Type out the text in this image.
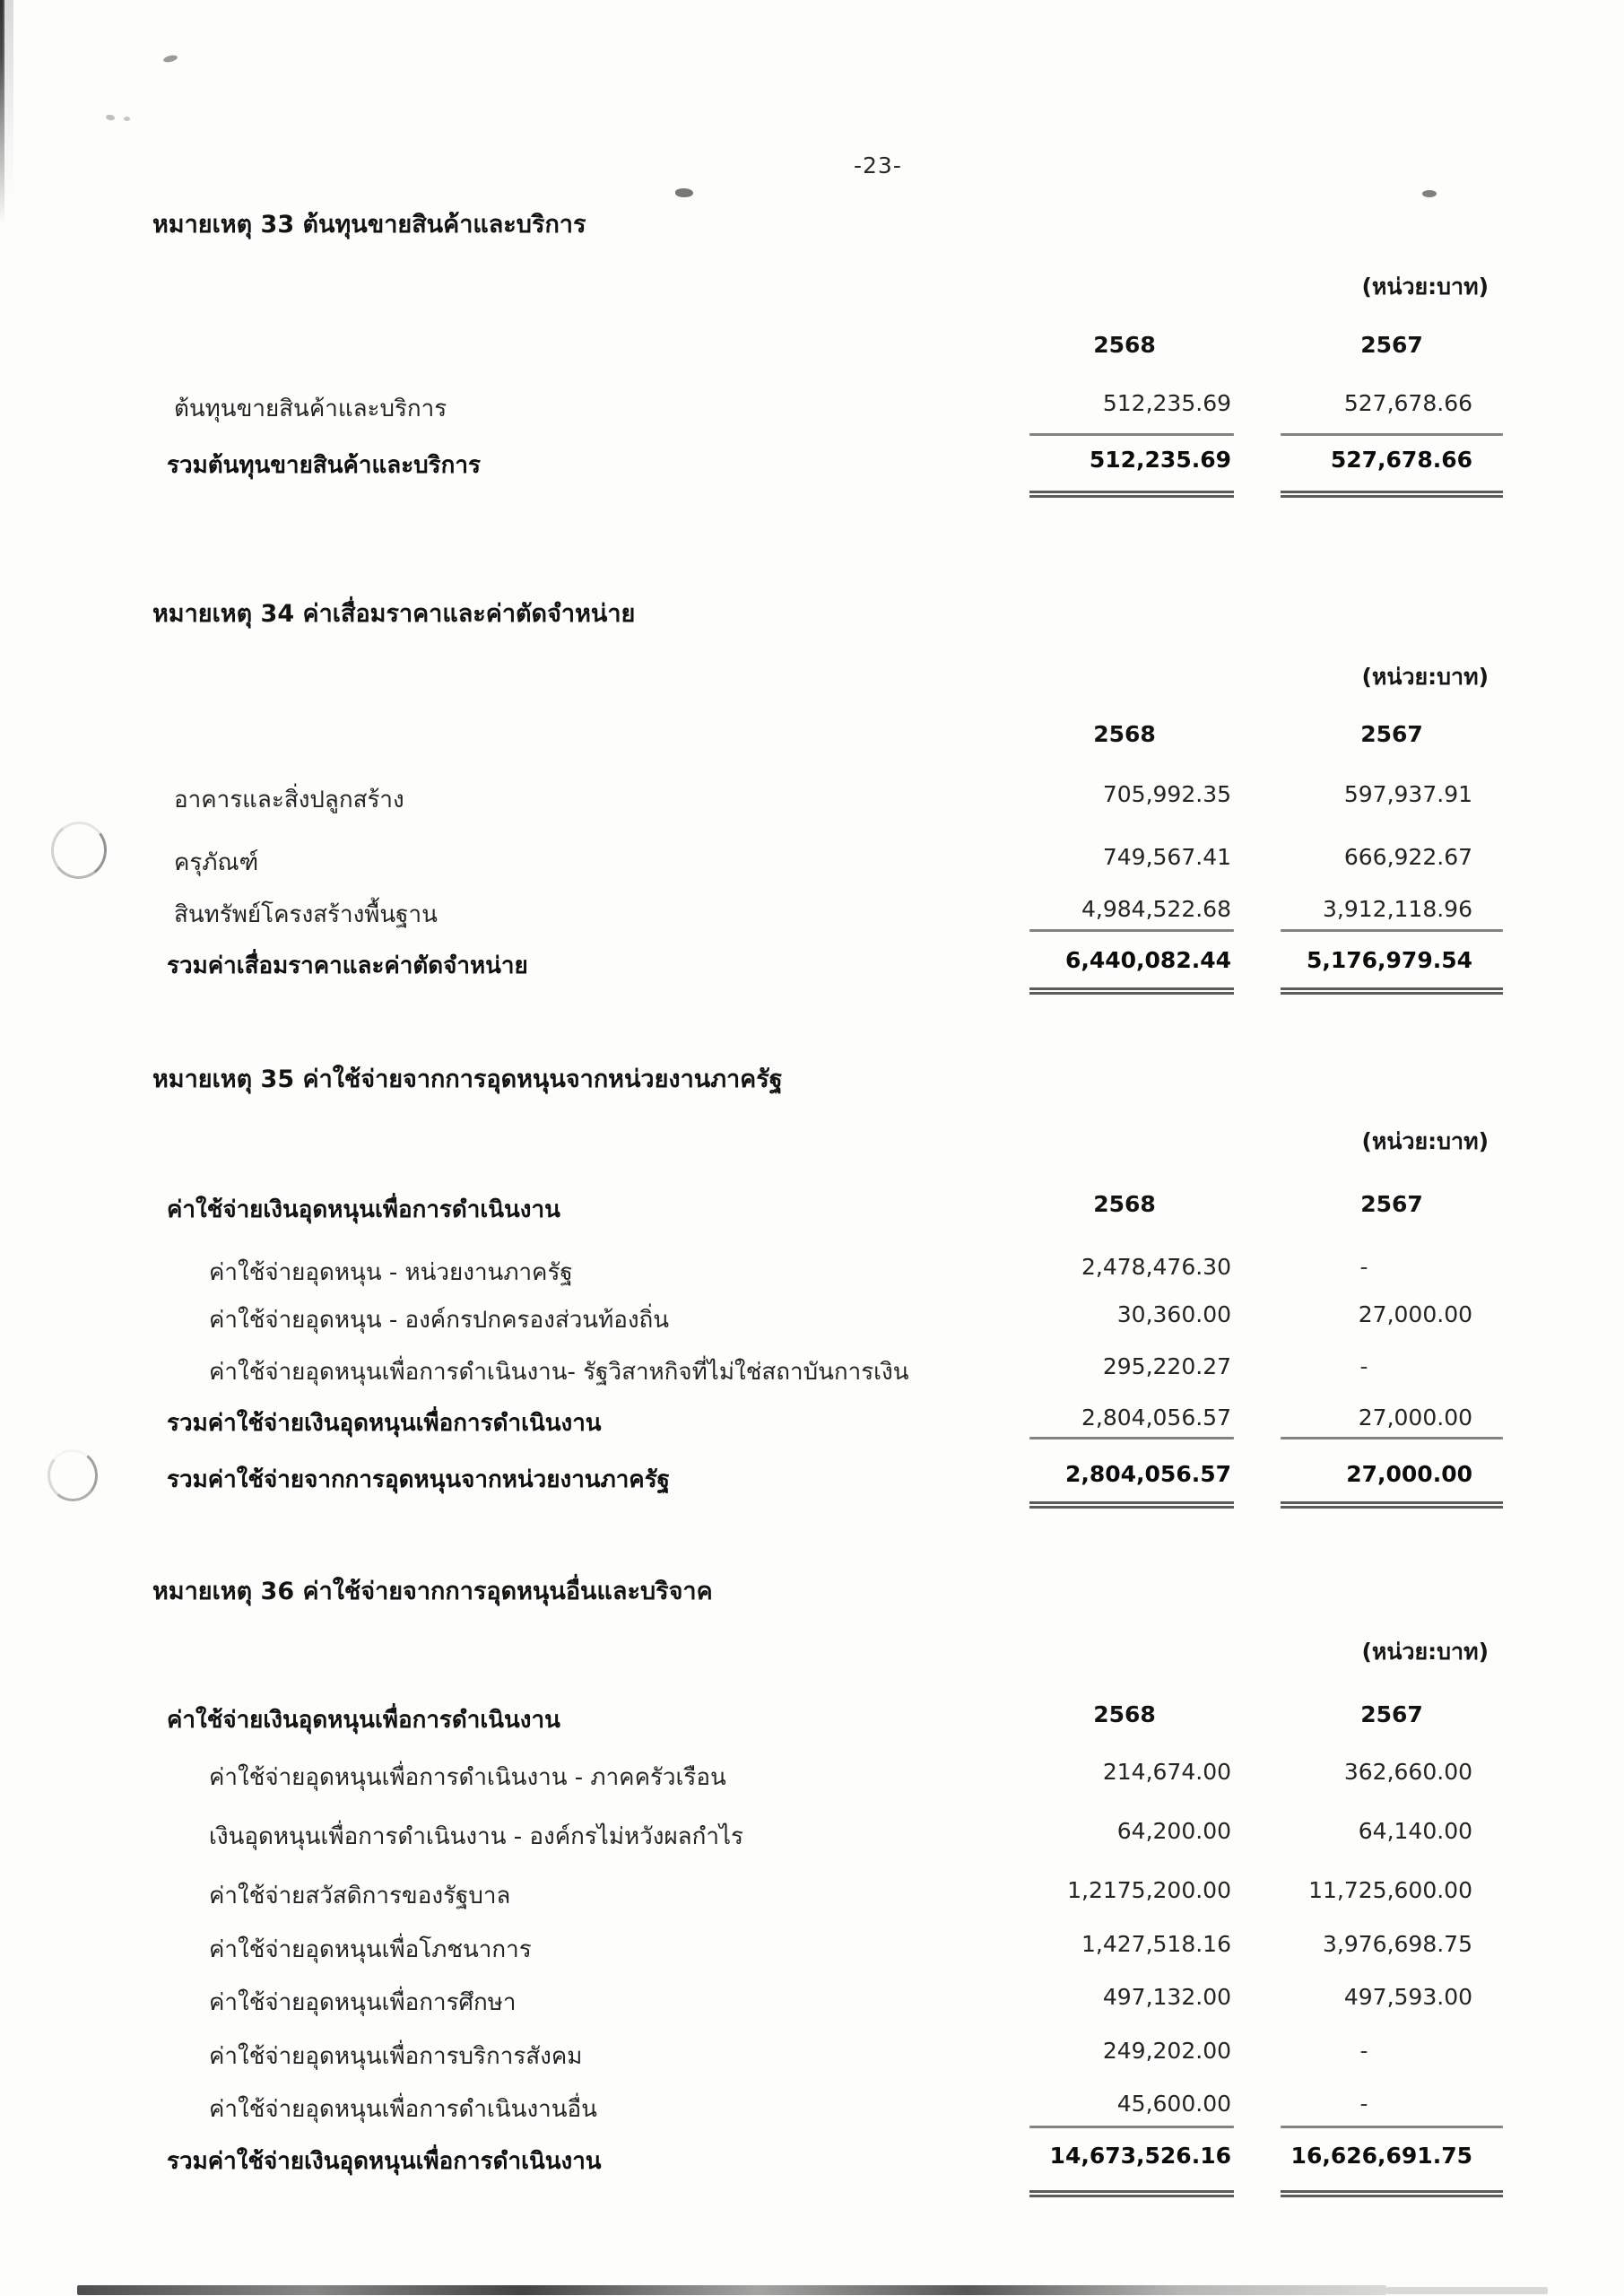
-23-
หมายเหตุ 33 ต้นทุนขายสินค้าและบริการ
(หน่วย:บาท)
2568	2567
ต้นทุนขายสินค้าและบริการ	512,235.69	527,678.66
รวมต้นทุนขายสินค้าและบริการ	512,235.69	527,678.66
หมายเหตุ 34 ค่าเสื่อมราคาและค่าตัดจำหน่าย
(หน่วย:บาท)
2568	2567
อาคารและสิ่งปลูกสร้าง	705,992.35	597,937.91
ครุภัณฑ์	749,567.41	666,922.67
สินทรัพย์โครงสร้างพื้นฐาน	4,984,522.68	3,912,118.96
รวมค่าเสื่อมราคาและค่าตัดจำหน่าย	6,440,082.44	5,176,979.54
หมายเหตุ 35 ค่าใช้จ่ายจากการอุดหนุนจากหน่วยงานภาครัฐ
(หน่วย:บาท)
ค่าใช้จ่ายเงินอุดหนุนเพื่อการดำเนินงาน	2568	2567
ค่าใช้จ่ายอุดหนุน - หน่วยงานภาครัฐ	2,478,476.30	-
ค่าใช้จ่ายอุดหนุน - องค์กรปกครองส่วนท้องถิ่น	30,360.00	27,000.00
ค่าใช้จ่ายอุดหนุนเพื่อการดำเนินงาน- รัฐวิสาหกิจที่ไม่ใช่สถาบันการเงิน	295,220.27	-
รวมค่าใช้จ่ายเงินอุดหนุนเพื่อการดำเนินงาน	2,804,056.57	27,000.00
รวมค่าใช้จ่ายจากการอุดหนุนจากหน่วยงานภาครัฐ	2,804,056.57	27,000.00
หมายเหตุ 36 ค่าใช้จ่ายจากการอุดหนุนอื่นและบริจาค
(หน่วย:บาท)
ค่าใช้จ่ายเงินอุดหนุนเพื่อการดำเนินงาน	2568	2567
ค่าใช้จ่ายอุดหนุนเพื่อการดำเนินงาน - ภาคครัวเรือน	214,674.00	362,660.00
เงินอุดหนุนเพื่อการดำเนินงาน - องค์กรไม่หวังผลกำไร	64,200.00	64,140.00
ค่าใช้จ่ายสวัสดิการของรัฐบาล	1,2175,200.00	11,725,600.00
ค่าใช้จ่ายอุดหนุนเพื่อโภชนาการ	1,427,518.16	3,976,698.75
ค่าใช้จ่ายอุดหนุนเพื่อการศึกษา	497,132.00	497,593.00
ค่าใช้จ่ายอุดหนุนเพื่อการบริการสังคม	249,202.00	-
ค่าใช้จ่ายอุดหนุนเพื่อการดำเนินงานอื่น	45,600.00	-
รวมค่าใช้จ่ายเงินอุดหนุนเพื่อการดำเนินงาน	14,673,526.16	16,626,691.75
